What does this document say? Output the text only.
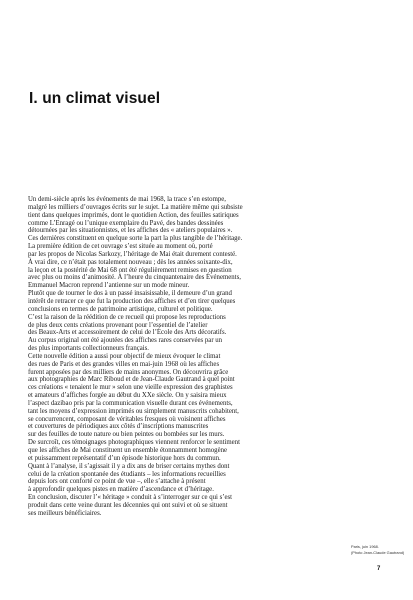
I. un climat visuel

Un demi-siècle après les événements de mai 1968, la trace s’en estompe,

malgré les milliers d’ouvrages écrits sur le sujet. La matière même qui subsiste

tient dans quelques imprimés, dont le quotidien Action, des feuilles satiriques

comme L’Enragé ou l’unique exemplaire du Pavé, des bandes dessinées

détournées par les situationnistes, et les affiches des « ateliers populaires ».

Ces dernières constituent en quelque sorte la part la plus tangible de l’héritage.

La première édition de cet ouvrage s’est située au moment où, porté

par les propos de Nicolas Sarkozy, l’héritage de Mai était durement contesté.

À vrai dire, ce n’était pas totalement nouveau ; dès les années soixante-dix,

la leçon et la postérité de Mai 68 ont été régulièrement remises en question

avec plus ou moins d’animosité. À l’heure du cinquantenaire des Événements,

Emmanuel Macron reprend l’antienne sur un mode mineur.

Plutôt que de tourner le dos à un passé insaisissable, il demeure d’un grand

intérêt de retracer ce que fut la production des affiches et d’en tirer quelques

conclusions en termes de patrimoine artistique, culturel et politique.

C’est la raison de la réédition de ce recueil qui propose les reproductions

de plus deux cents créations provenant pour l’essentiel de l’atelier

des Beaux-Arts et accessoirement de celui de l’École des Arts décoratifs.

Au corpus original ont été ajoutées des affiches rares conservées par un

des plus importants collectionneurs français.

Cette nouvelle édition a aussi pour objectif de mieux évoquer le climat

des rues de Paris et des grandes villes en mai-juin 1968 où les affiches

furent apposées par des milliers de mains anonymes. On découvrira grâce

aux photographies de Marc Riboud et de Jean-Claude Gautrand à quel point

ces créations « tenaient le mur » selon une vieille expression des graphistes

et amateurs d’affiches forgée au début du XXe siècle. On y saisira mieux

l’aspect dazibao pris par la communication visuelle durant ces événements,

tant les moyens d’expression imprimés ou simplement manuscrits cohabitent,

se concurrencent, composant de véritables fresques où voisinent affiches

et couvertures de périodiques aux côtés d’inscriptions manuscrites

sur des feuilles de toute nature ou bien peintes ou bombées sur les murs.

De surcroît, ces témoignages photographiques viennent renforcer le sentiment

que les affiches de Mai constituent un ensemble étonnamment homogène

et puissamment représentatif d’un épisode historique hors du commun.

Quant à l’analyse, il s’agissait il y a dix ans de briser certains mythes dont

celui de la création spontanée des étudiants – les informations recueillies

depuis lors ont conforté ce point de vue –, elle s’attache à présent

à approfondir quelques pistes en matière d’ascendance et d’héritage.

En conclusion, discuter l’« héritage » conduit à s’interroger sur ce qui s’est

produit dans cette veine durant les décennies qui ont suivi et où se situent

ses meilleurs bénéficiaires.

Paris, juin 1968.
(Photo Jean-Claude Gautrand)
7
